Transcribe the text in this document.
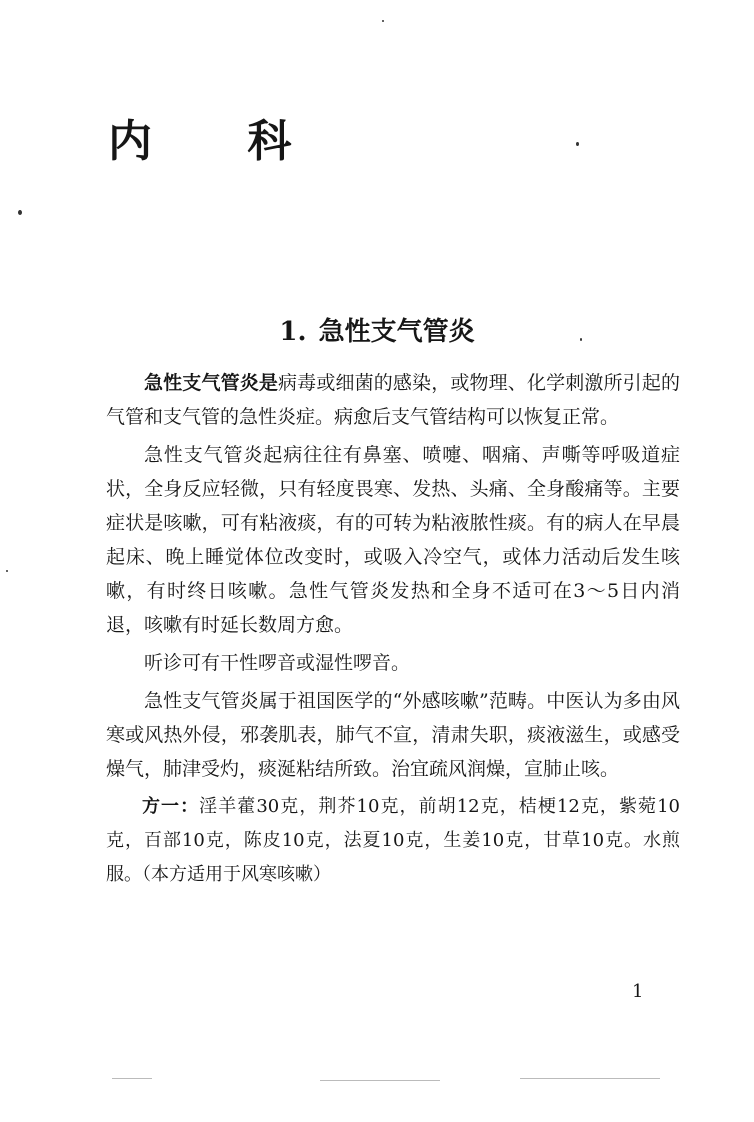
内 科
1. 急性支气管炎

急性支气管炎是病毒或细菌的感染，或物理、化学刺激所引起的气管和支气管的急性炎症。病愈后支气管结构可以恢复正常。

急性支气管炎起病往往有鼻塞、喷嚏、咽痛、声嘶等呼吸道症状，全身反应轻微，只有轻度畏寒、发热、头痛、全身酸痛等。主要症状是咳嗽，可有粘液痰，有的可转为粘液脓性痰。有的病人在早晨起床、晚上睡觉体位改变时，或吸入冷空气，或体力活动后发生咳嗽，有时终日咳嗽。急性气管炎发热和全身不适可在3～5日内消退，咳嗽有时延长数周方愈。

听诊可有干性啰音或湿性啰音。

急性支气管炎属于祖国医学的“外感咳嗽”范畴。中医认为多由风寒或风热外侵，邪袭肌表，肺气不宣，清肃失职，痰液滋生，或感受燥气，肺津受灼，痰涎粘结所致。治宜疏风润燥，宣肺止咳。

方一：淫羊藿30克，荆芥10克，前胡12克，桔梗12克，紫菀10克，百部10克，陈皮10克，法夏10克，生姜10克，甘草10克。水煎服。（本方适用于风寒咳嗽）

1
